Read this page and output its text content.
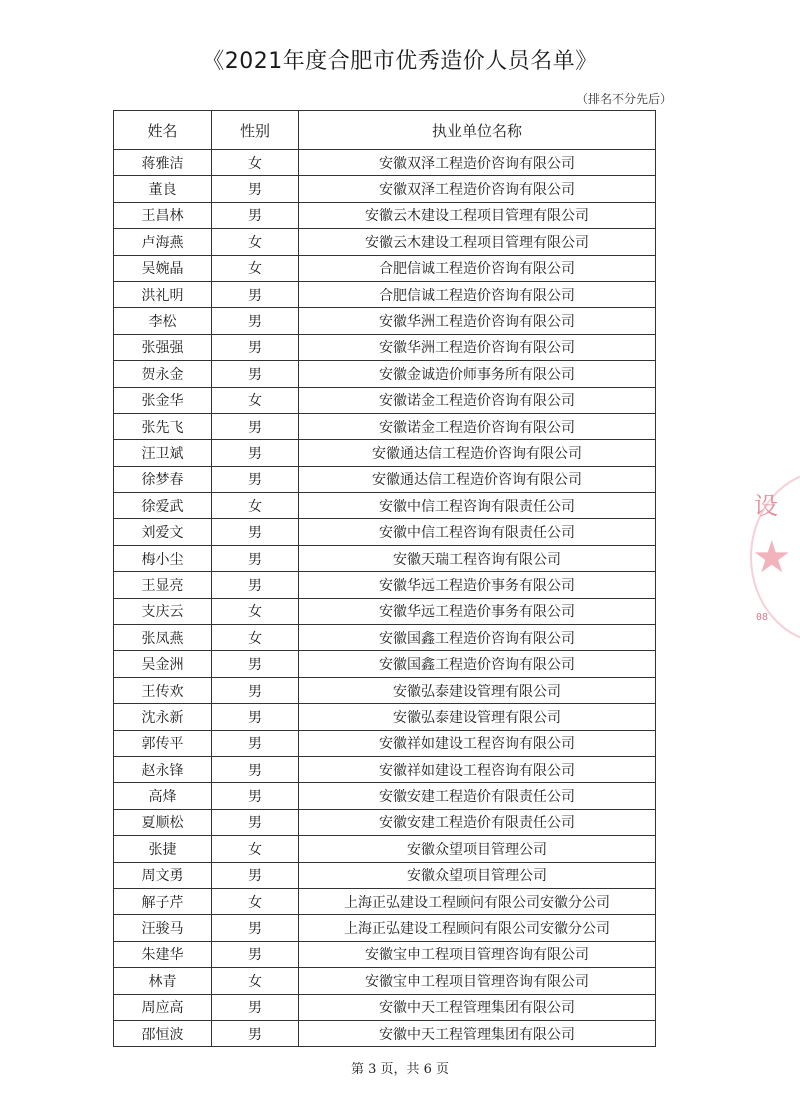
《2021年度合肥市优秀造价人员名单》
（排名不分先后）
姓名	性别	执业单位名称
蒋雅洁	女	安徽双泽工程造价咨询有限公司
董良	男	安徽双泽工程造价咨询有限公司
王昌林	男	安徽云木建设工程项目管理有限公司
卢海燕	女	安徽云木建设工程项目管理有限公司
吴婉晶	女	合肥信诚工程造价咨询有限公司
洪礼明	男	合肥信诚工程造价咨询有限公司
李松	男	安徽华洲工程造价咨询有限公司
张强强	男	安徽华洲工程造价咨询有限公司
贺永金	男	安徽金诚造价师事务所有限公司
张金华	女	安徽诺金工程造价咨询有限公司
张先飞	男	安徽诺金工程造价咨询有限公司
汪卫斌	男	安徽通达信工程造价咨询有限公司
徐梦春	男	安徽通达信工程造价咨询有限公司
徐爱武	女	安徽中信工程咨询有限责任公司
刘爱文	男	安徽中信工程咨询有限责任公司
梅小尘	男	安徽天瑞工程咨询有限公司
王显亮	男	安徽华远工程造价事务有限公司
支庆云	女	安徽华远工程造价事务有限公司
张凤燕	女	安徽国鑫工程造价咨询有限公司
吴金洲	男	安徽国鑫工程造价咨询有限公司
王传欢	男	安徽弘泰建设管理有限公司
沈永新	男	安徽弘泰建设管理有限公司
郭传平	男	安徽祥如建设工程咨询有限公司
赵永锋	男	安徽祥如建设工程咨询有限公司
高烽	男	安徽安建工程造价有限责任公司
夏顺松	男	安徽安建工程造价有限责任公司
张捷	女	安徽众望项目管理公司
周文勇	男	安徽众望项目管理公司
解子芹	女	上海正弘建设工程顾问有限公司安徽分公司
汪骏马	男	上海正弘建设工程顾问有限公司安徽分公司
朱建华	男	安徽宝申工程项目管理咨询有限公司
林青	女	安徽宝申工程项目管理咨询有限公司
周应高	男	安徽中天工程管理集团有限公司
邵恒波	男	安徽中天工程管理集团有限公司
第 3 页，共 6 页
设
★
08
